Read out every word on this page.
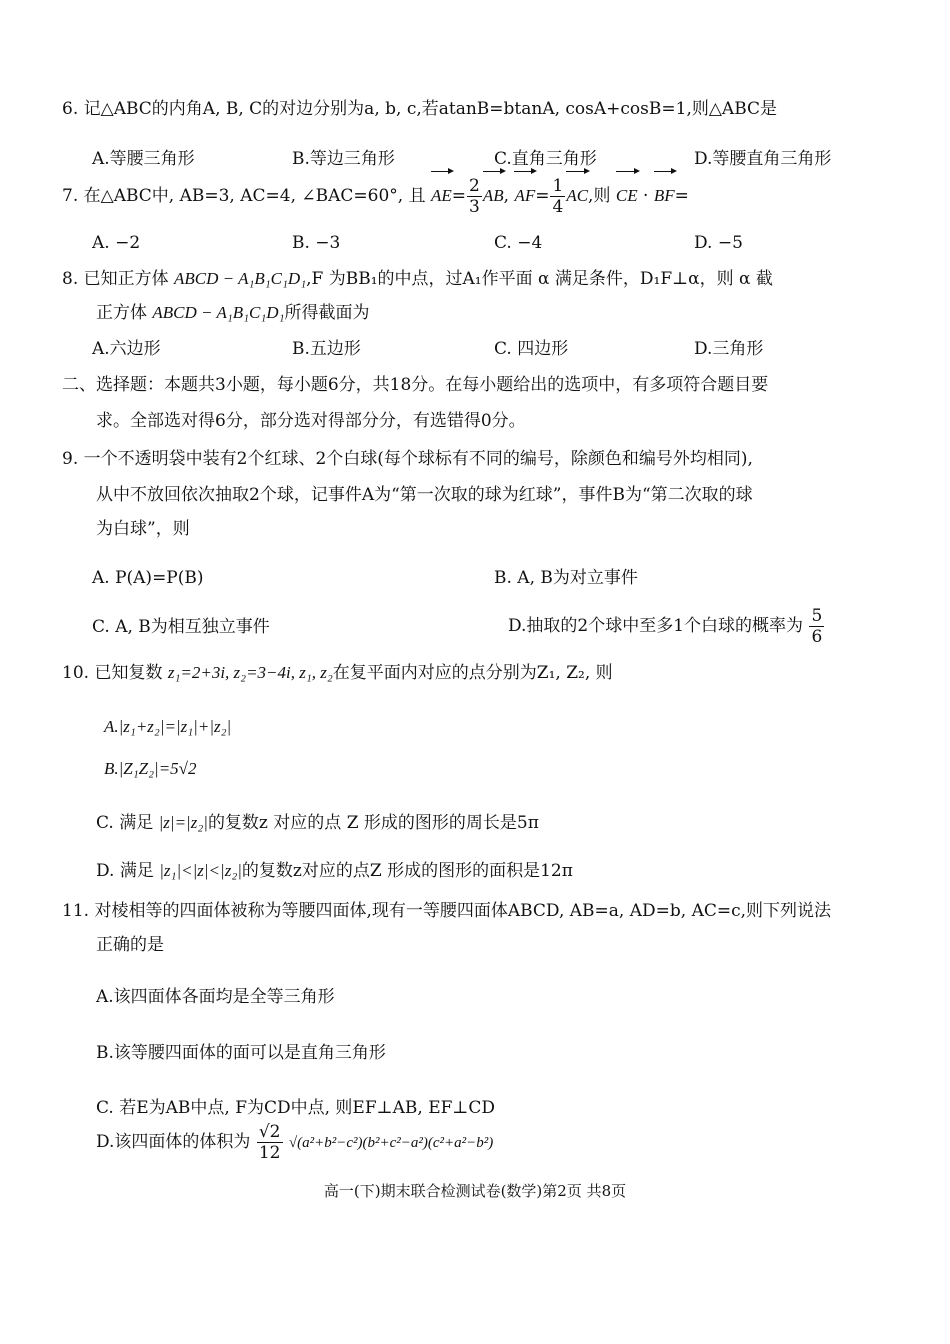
6. 记△ABC的内角A, B, C的对边分别为a, b, c,若atanB=btanA, cosA+cosB=1,则△ABC是
A.等腰三角形	B.等边三角形	C.直角三角形	D.等腰直角三角形
7. 在△ABC中, AB=3, AC=4, ∠BAC=60°, 且 $AE= \frac{2}{3}$ AB, $AF= \frac{1}{4}$ AC,则 CE · BF=
A. −2	B. −3	C. −4	D. −5
8. 已知正方体 ABCD − A₁B₁C₁D₁,F 为BB₁的中点，过A₁作平面 α 满足条件，D₁F⊥α，则 α 截
正方体 ABCD − A₁B₁C₁D₁所得截面为
A.六边形	B.五边形	C. 四边形	D.三角形
二、选择题：本题共3小题，每小题6分，共18分。在每小题给出的选项中，有多项符合题目要
求。全部选对得6分，部分选对得部分分，有选错得0分。
9. 一个不透明袋中装有2个红球、2个白球(每个球标有不同的编号，除颜色和编号外均相同),
从中不放回依次抽取2个球，记事件A为“第一次取的球为红球”，事件B为“第二次取的球
为白球”，则
A. P(A)=P(B)	B. A, B为对立事件
C. A, B为相互独立事件	D.抽取的2个球中至多1个白球的概率为 $\frac{5}{6}$
10. 已知复数 z₁=2+3i, z₂=3−4i, z₁, z₂在复平面内对应的点分别为Z₁, Z₂, 则
A.|z₁+z₂|=|z₁|+|z₂|
B.|Z₁Z₂|=5√2
C. 满足 |z|=|z₂|的复数z 对应的点 Z 形成的图形的周长是5π
D. 满足 |z₁|<|z|<|z₂|的复数z对应的点Z 形成的图形的面积是12π
11. 对棱相等的四面体被称为等腰四面体,现有一等腰四面体ABCD, AB=a, AD=b, AC=c,则下列说法
正确的是
A.该四面体各面均是全等三角形
B.该等腰四面体的面可以是直角三角形
C. 若E为AB中点, F为CD中点, 则EF⊥AB, EF⊥CD
D.该四面体的体积为 $\frac{√2}{12} √(a^2+b^2-c^2)(b^2+c^2-a^2)(c^2+a^2-b^2)$
高一(下)期末联合检测试卷(数学)第2页 共8页
